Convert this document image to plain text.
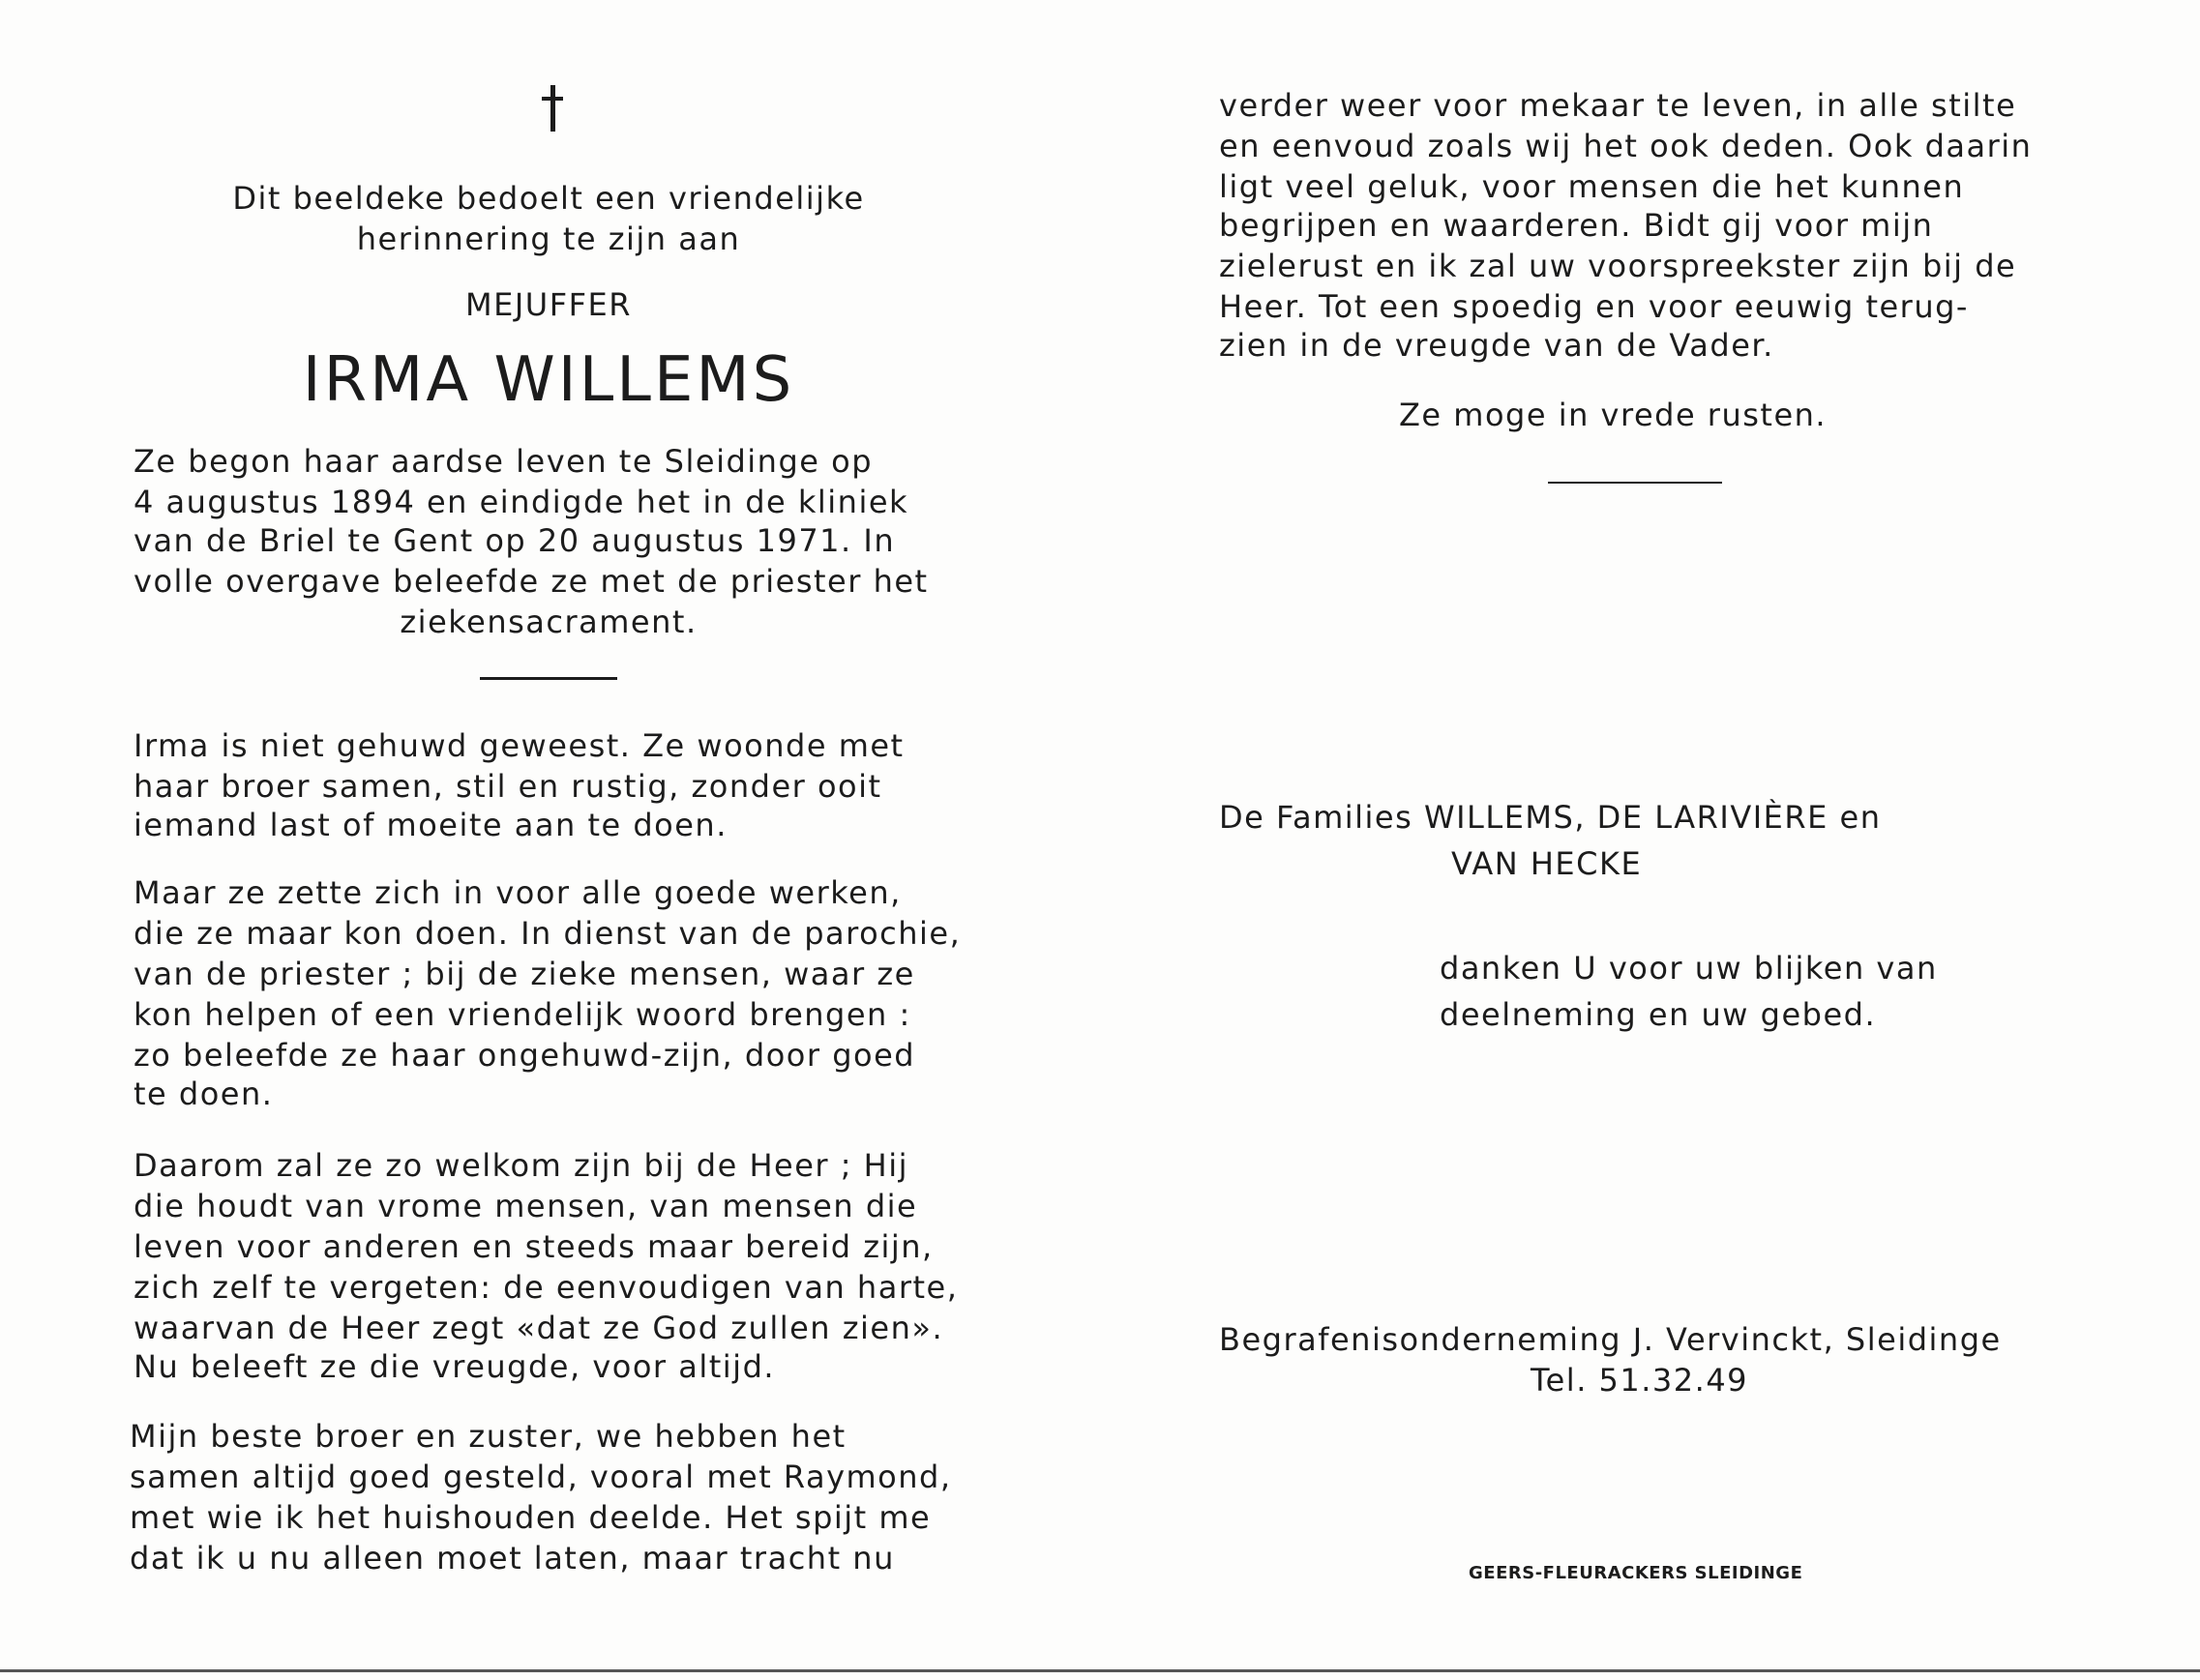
Dit beeldeke bedoelt een vriendelijke
herinnering te zijn aan
MEJUFFER
IRMA WILLEMS
Ze begon haar aardse leven te Sleidinge op
4 augustus 1894 en eindigde het in de kliniek
van de Briel te Gent op 20 augustus 1971. In
volle overgave beleefde ze met de priester het
ziekensacrament.
Irma is niet gehuwd geweest. Ze woonde met
haar broer samen, stil en rustig, zonder ooit
iemand last of moeite aan te doen.
Maar ze zette zich in voor alle goede werken,
die ze maar kon doen. In dienst van de parochie,
van de priester ; bij de zieke mensen, waar ze
kon helpen of een vriendelijk woord brengen :
zo beleefde ze haar ongehuwd-zijn, door goed
te doen.
Daarom zal ze zo welkom zijn bij de Heer ; Hij
die houdt van vrome mensen, van mensen die
leven voor anderen en steeds maar bereid zijn,
zich zelf te vergeten: de eenvoudigen van harte,
waarvan de Heer zegt «dat ze God zullen zien».
Nu beleeft ze die vreugde, voor altijd.
Mijn beste broer en zuster, we hebben het
samen altijd goed gesteld, vooral met Raymond,
met wie ik het huishouden deelde. Het spijt me
dat ik u nu alleen moet laten, maar tracht nu
verder weer voor mekaar te leven, in alle stilte
en eenvoud zoals wij het ook deden. Ook daarin
ligt veel geluk, voor mensen die het kunnen
begrijpen en waarderen. Bidt gij voor mijn
zielerust en ik zal uw voorspreekster zijn bij de
Heer. Tot een spoedig en voor eeuwig terug-
zien in de vreugde van de Vader.
Ze moge in vrede rusten.
De Families WILLEMS, DE LARIVIÈRE en
VAN HECKE
danken U voor uw blijken van
deelneming en uw gebed.
Begrafenisonderneming J. Vervinckt, Sleidinge
Tel. 51.32.49
GEERS-FLEURACKERS SLEIDINGE
